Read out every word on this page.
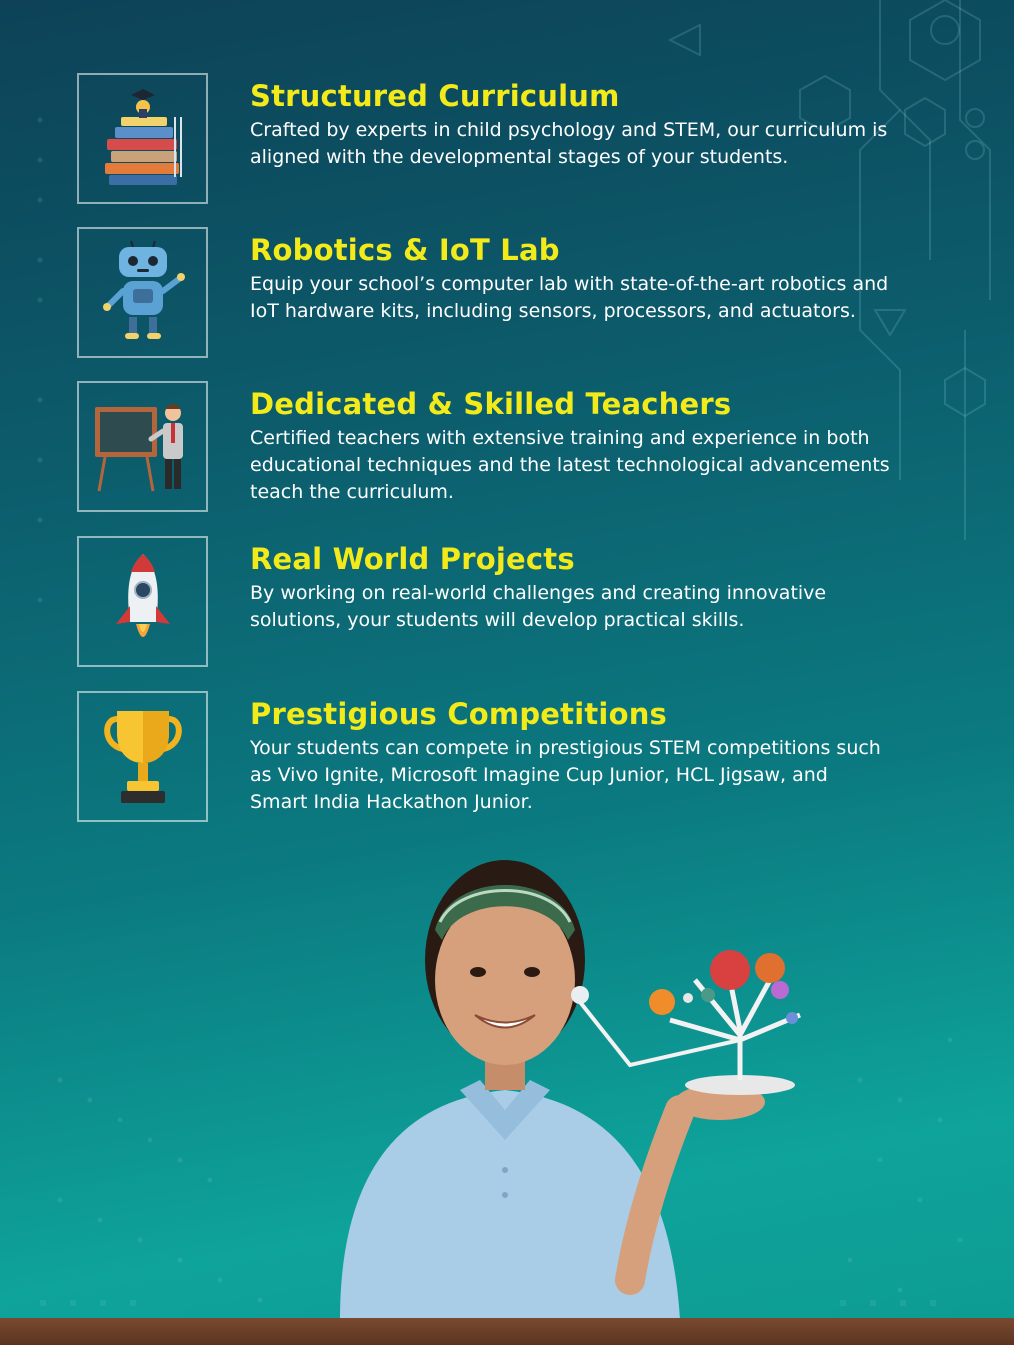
Structured Curriculum
Crafted by experts in child psychology and STEM, our curriculum is aligned with the developmental stages of your students.
Robotics & IoT Lab
Equip your school’s computer lab with state-of-the-art robotics and IoT hardware kits, including sensors, processors, and actuators.
Dedicated & Skilled Teachers
Certified teachers with extensive training and experience in both educational techniques and the latest technological advancements teach the curriculum.
Real World Projects
By working on real-world challenges and creating innovative solutions, your students will develop practical skills.
Prestigious Competitions
Your students can compete in prestigious STEM competitions such as Vivo Ignite, Microsoft Imagine Cup Junior, HCL Jigsaw, and Smart India Hackathon Junior.
